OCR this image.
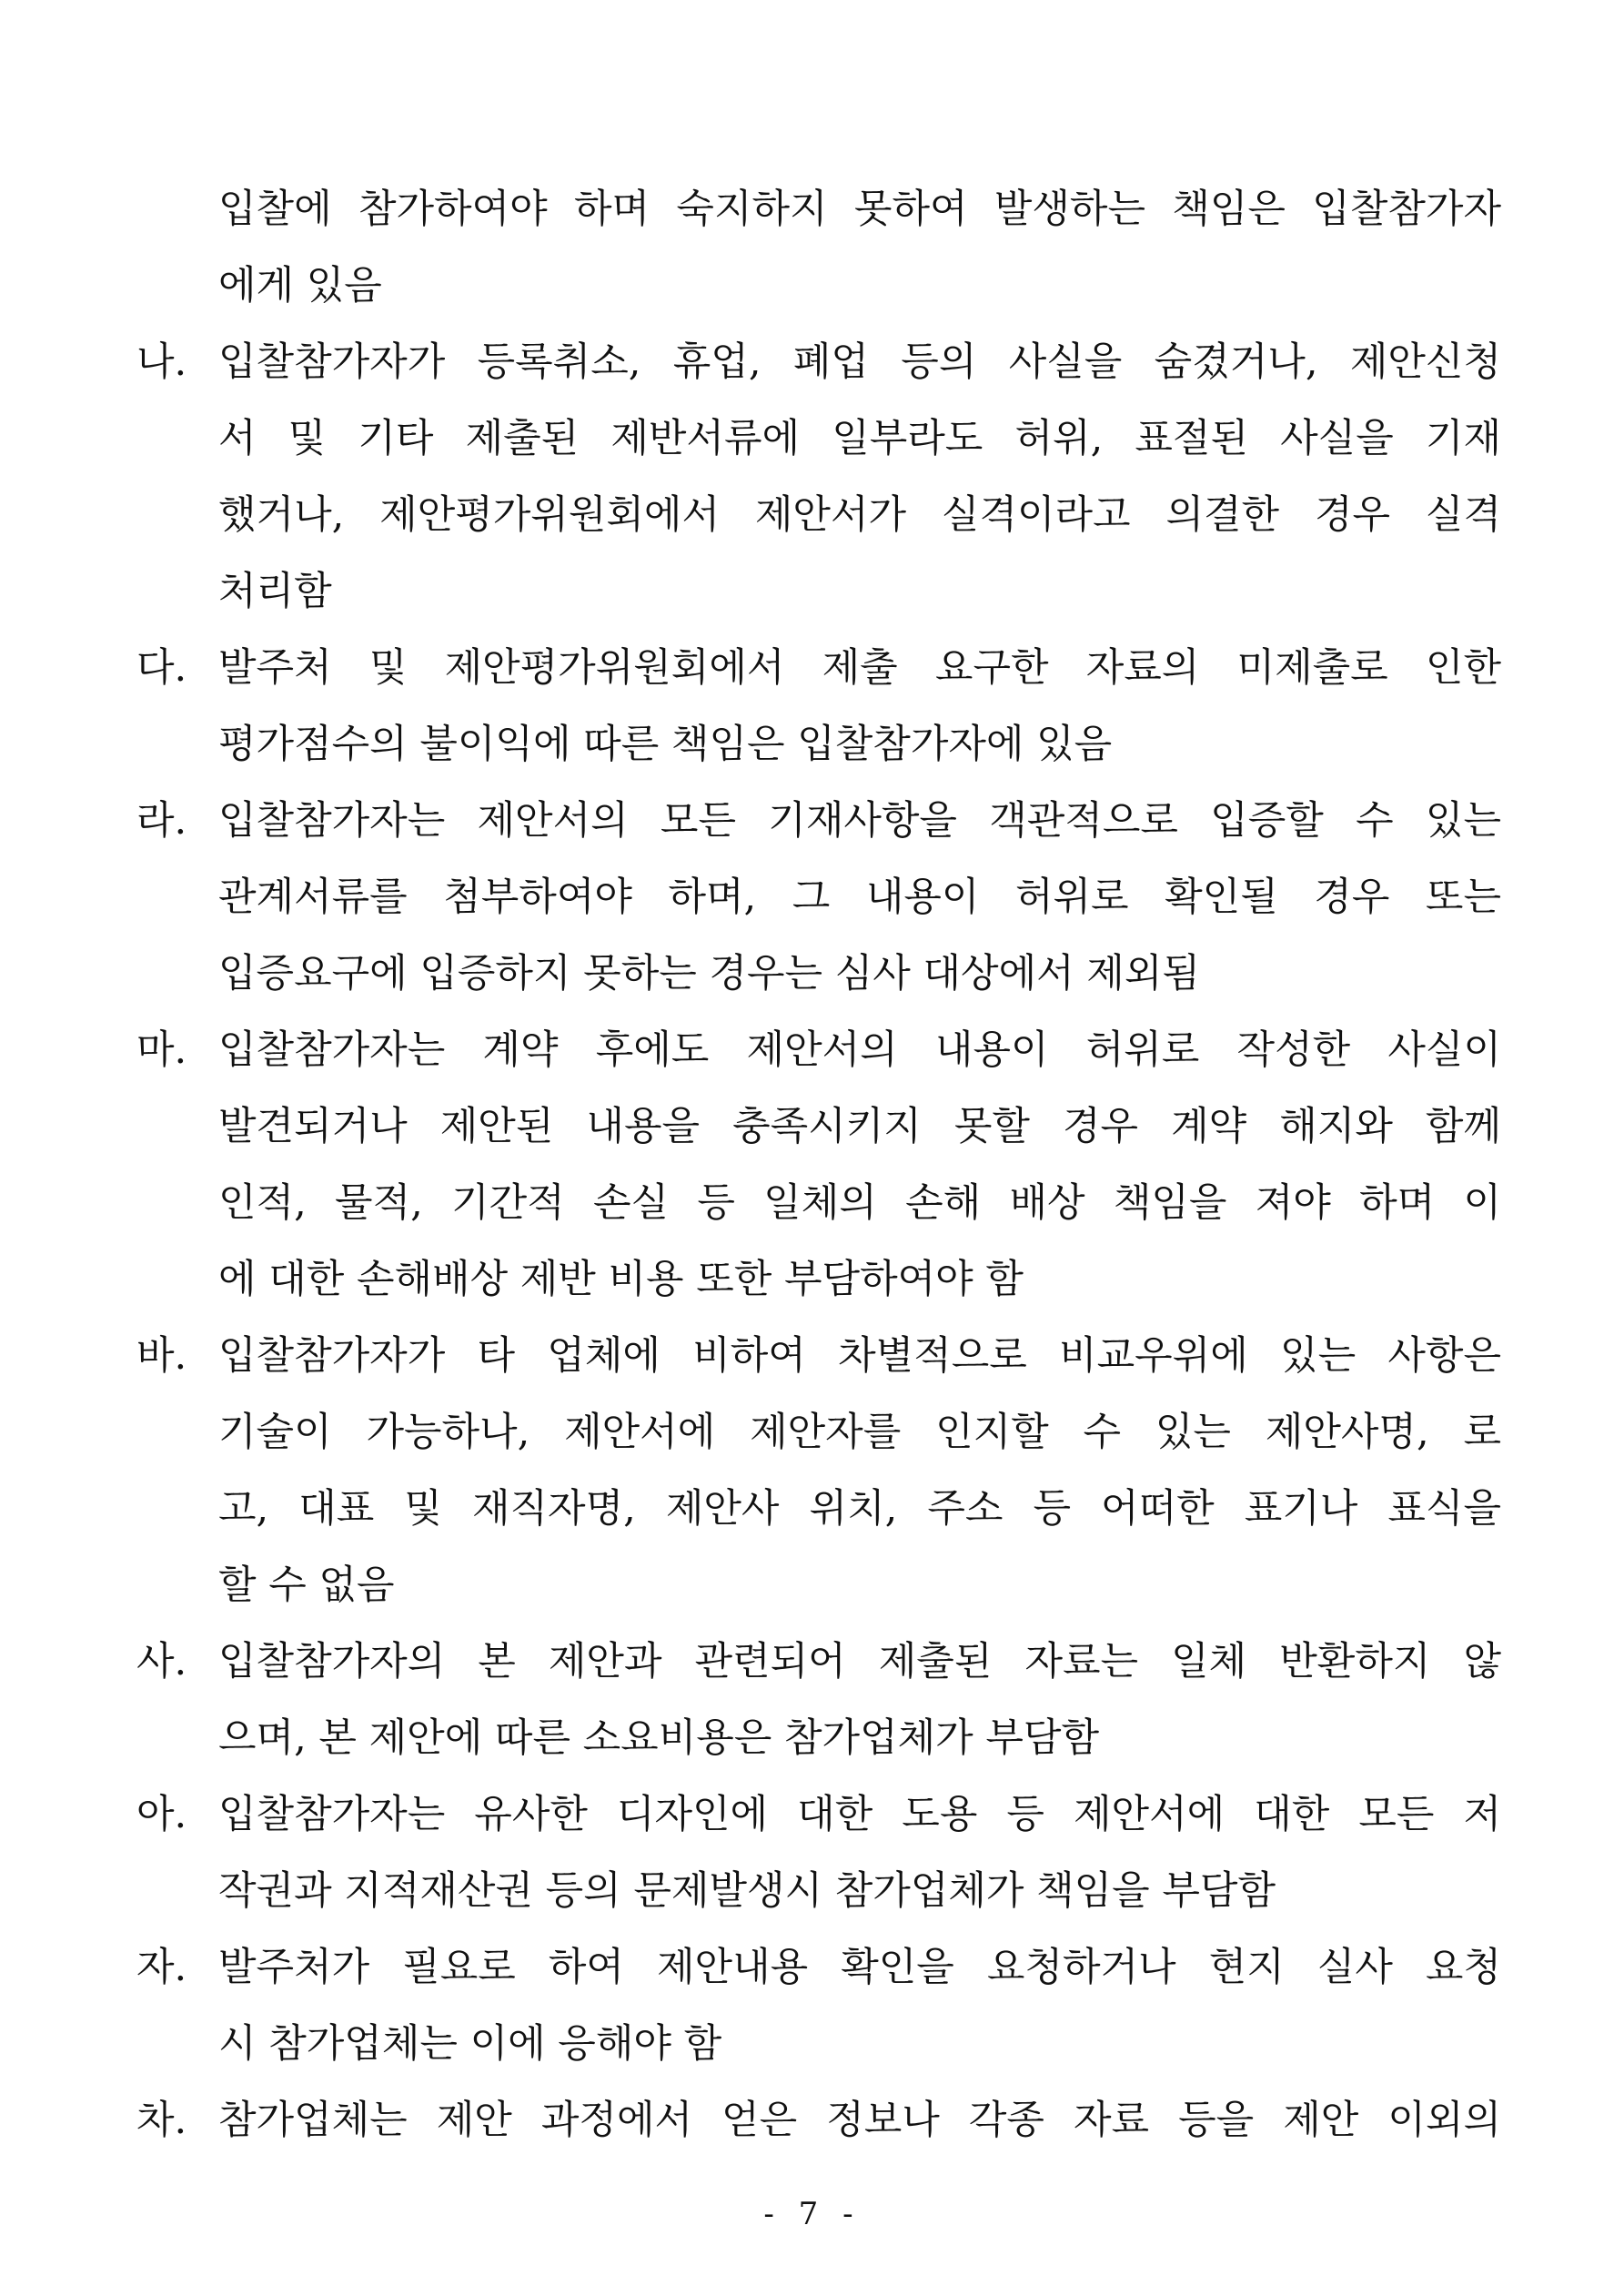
입찰에 참가하여야 하며 숙지하지 못하여 발생하는 책임은 입찰참가자
에게 있음
나. 입찰참가자가 등록취소, 휴업, 폐업 등의 사실을 숨겼거나, 제안신청
서 및 기타 제출된 제반서류에 일부라도 허위, 표절된 사실을 기재
했거나, 제안평가위원회에서 제안서가 실격이라고 의결한 경우 실격
처리함
다. 발주처 및 제안평가위원회에서 제출 요구한 자료의 미제출로 인한
평가점수의 불이익에 따른 책임은 입찰참가자에 있음
라. 입찰참가자는 제안서의 모든 기재사항을 객관적으로 입증할 수 있는
관계서류를 첨부하여야 하며, 그 내용이 허위로 확인될 경우 또는
입증요구에 입증하지 못하는 경우는 심사 대상에서 제외됨
마. 입찰참가자는 계약 후에도 제안서의 내용이 허위로 작성한 사실이
발견되거나 제안된 내용을 충족시키지 못할 경우 계약 해지와 함께
인적, 물적, 기간적 손실 등 일체의 손해 배상 책임을 져야 하며 이
에 대한 손해배상 제반 비용 또한 부담하여야 함
바. 입찰참가자가 타 업체에 비하여 차별적으로 비교우위에 있는 사항은
기술이 가능하나, 제안서에 제안자를 인지할 수 있는 제안사명, 로
고, 대표 및 재직자명, 제안사 위치, 주소 등 어떠한 표기나 표식을
할 수 없음
사. 입찰참가자의 본 제안과 관련되어 제출된 자료는 일체 반환하지 않
으며, 본 제안에 따른 소요비용은 참가업체가 부담함
아. 입찰참가자는 유사한 디자인에 대한 도용 등 제안서에 대한 모든 저
작권과 지적재산권 등의 문제발생시 참가업체가 책임을 부담함
자. 발주처가 필요로 하여 제안내용 확인을 요청하거나 현지 실사 요청
시 참가업체는 이에 응해야 함
차. 참가업체는 제안 과정에서 얻은 정보나 각종 자료 등을 제안 이외의
- 7 -
